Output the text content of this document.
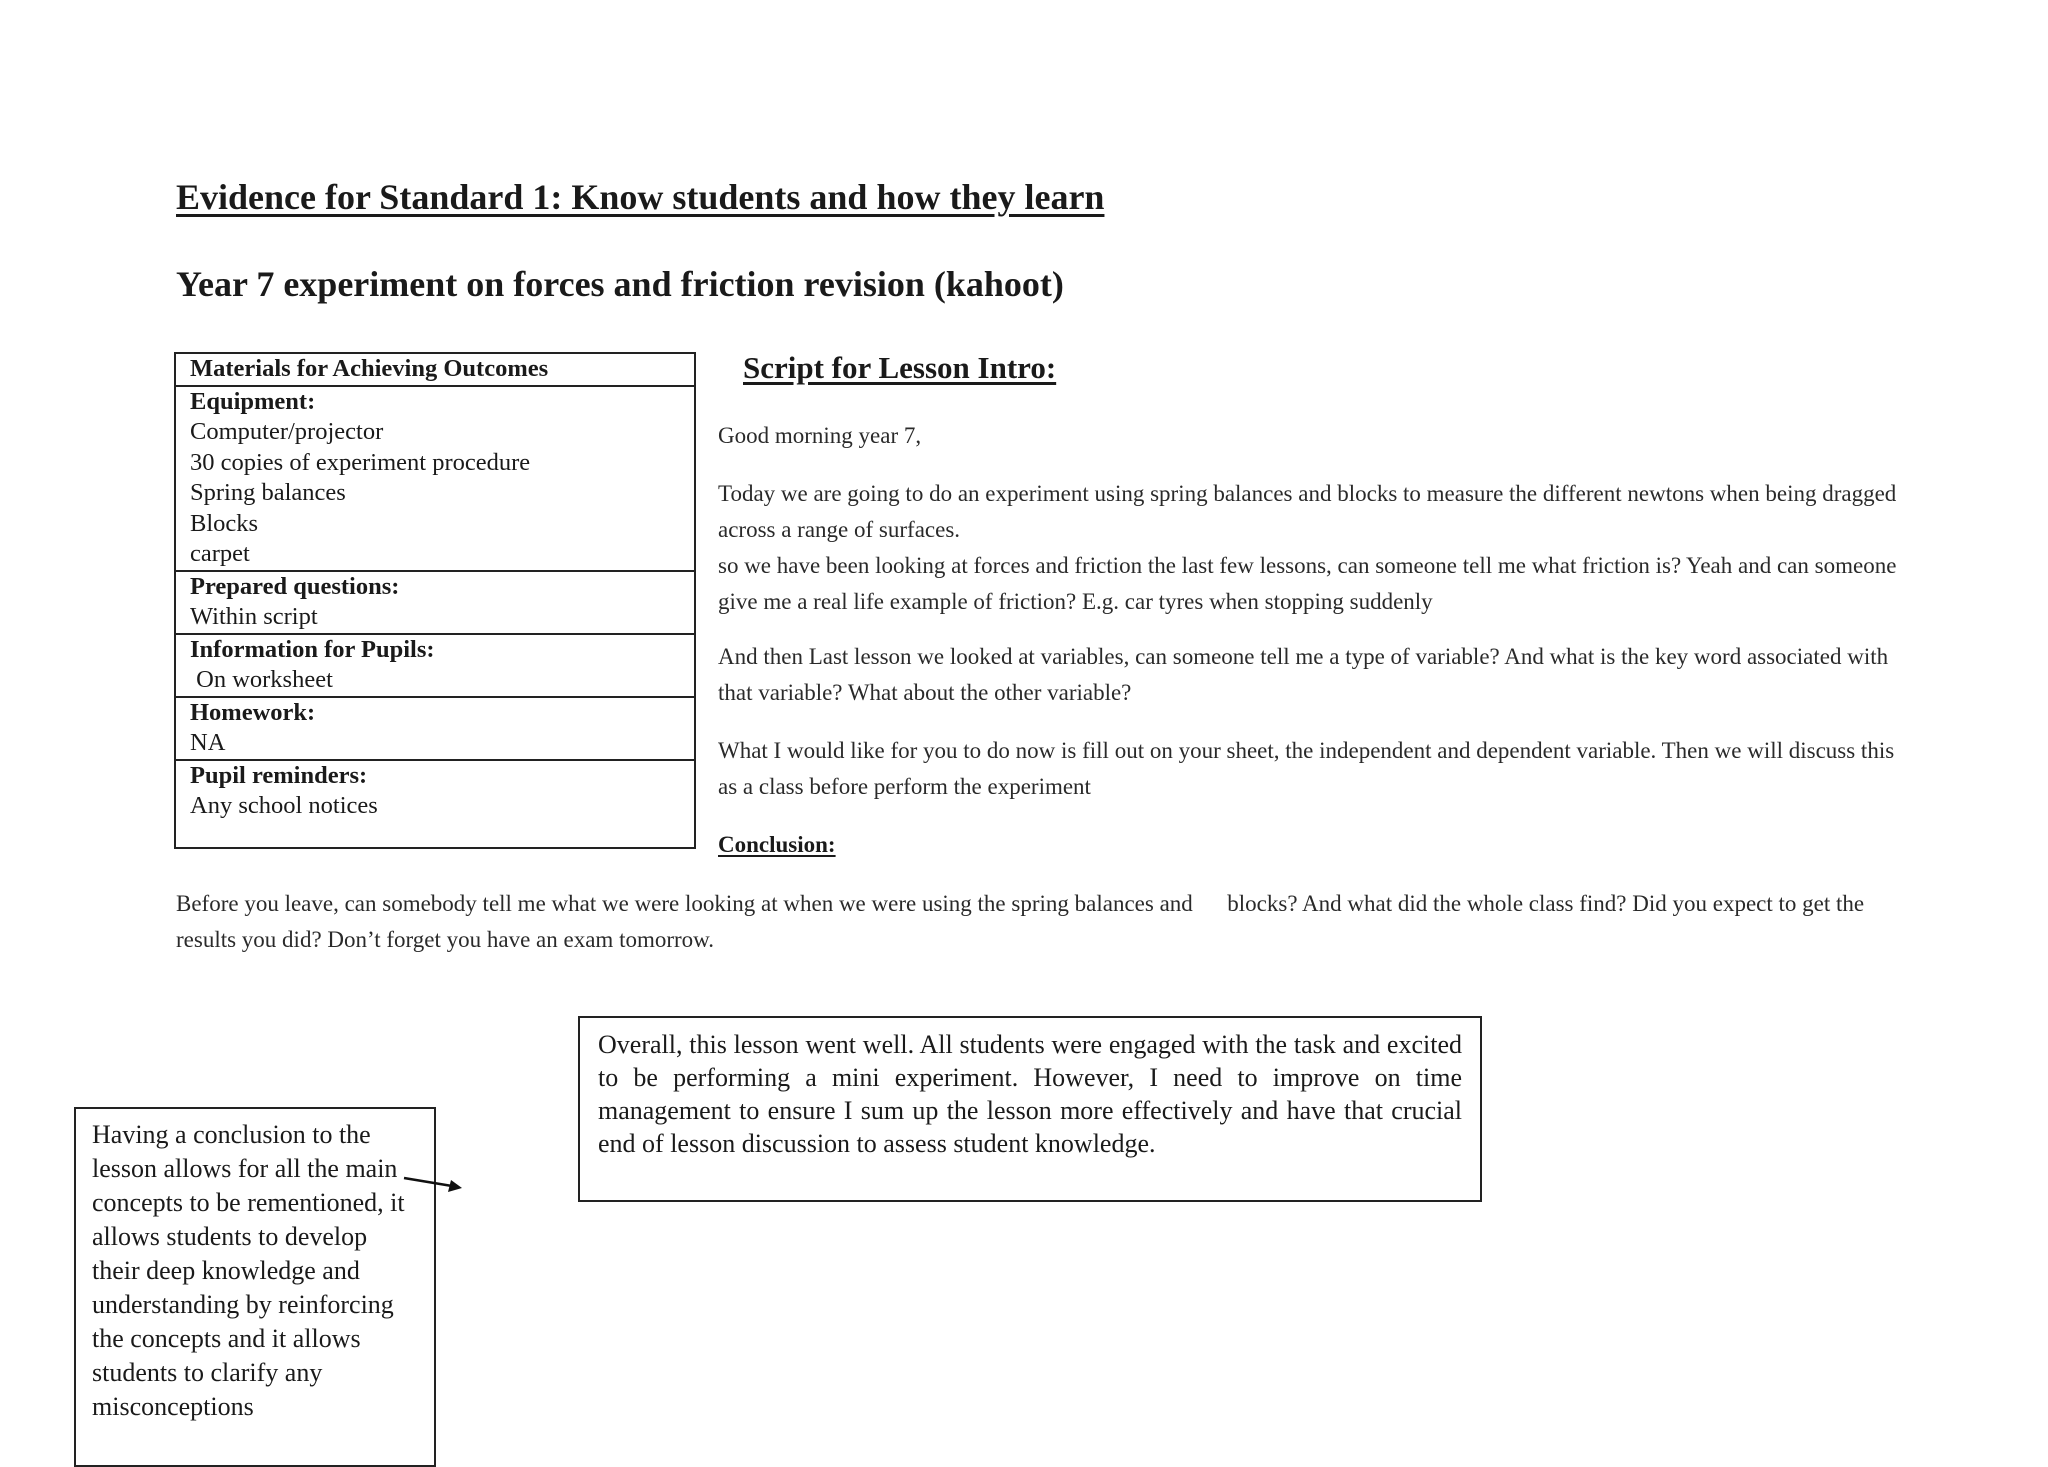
Evidence for Standard 1: Know students and how they learn
Year 7 experiment on forces and friction revision (kahoot)
Materials for Achieving Outcomes
Equipment:
Computer/projector
30 copies of experiment procedure
Spring balances
Blocks
carpet
Prepared questions:
Within script
Information for Pupils:
On worksheet
Homework:
NA
Pupil reminders:
Any school notices
Script for Lesson Intro:
Good morning year 7,
Today we are going to do an experiment using spring balances and blocks to measure the different newtons when being dragged across a range of surfaces.
so we have been looking at forces and friction the last few lessons, can someone tell me what friction is? Yeah and can someone give me a real life example of friction? E.g. car tyres when stopping suddenly
And then Last lesson we looked at variables, can someone tell me a type of variable? And what is the key word associated with that variable? What about the other variable?
What I would like for you to do now is fill out on your sheet, the independent and dependent variable. Then we will discuss this as a class before perform the experiment
Conclusion:
Before you leave, can somebody tell me what we were looking at when we were using the spring balances and      blocks? And what did the whole class find? Did you expect to get the results you did? Don’t forget you have an exam tomorrow.
Overall, this lesson went well. All students were engaged with the task and excited to be performing a mini experiment. However, I need to improve on time management to ensure I sum up the lesson more effectively and have that crucial end of lesson discussion to assess student knowledge.
Having a conclusion to the lesson allows for all the main concepts to be rementioned, it allows students to develop their deep knowledge and understanding by reinforcing the concepts and it allows students to clarify any misconceptions
